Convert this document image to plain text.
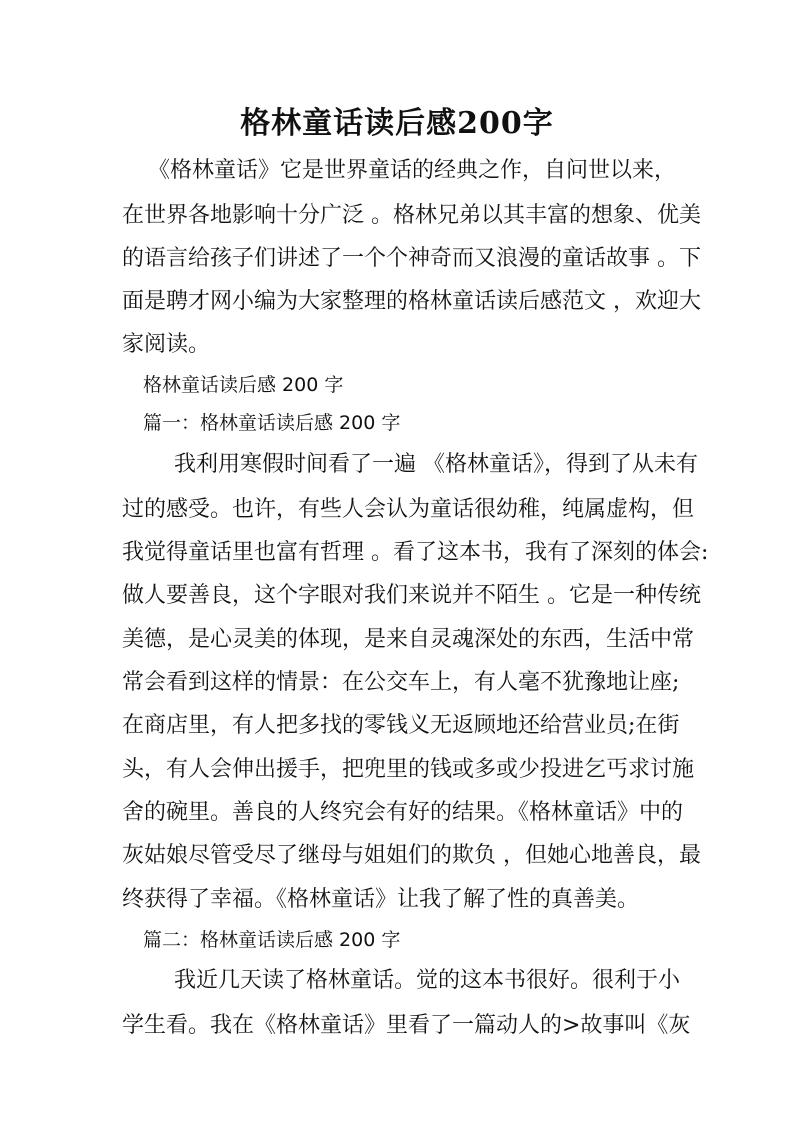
格林童话读后感200字
《格林童话》它是世界童话的经典之作，自问世以来，
在世界各地影响十分广泛 。格林兄弟以其丰富的想象、优美
的语言给孩子们讲述了一个个神奇而又浪漫的童话故事 。下
面是聘才网小编为大家整理的格林童话读后感范文 ，欢迎大
家阅读。
格林童话读后感 200 字
篇一：格林童话读后感 200 字
我利用寒假时间看了一遍 《格林童话》，得到了从未有
过的感受。也许，有些人会认为童话很幼稚，纯属虚构，但
我觉得童话里也富有哲理 。看了这本书，我有了深刻的体会:
做人要善良，这个字眼对我们来说并不陌生 。它是一种传统
美德，是心灵美的体现，是来自灵魂深处的东西，生活中常
常会看到这样的情景：在公交车上，有人毫不犹豫地让座;
在商店里，有人把多找的零钱义无返顾地还给营业员;在街
头，有人会伸出援手，把兜里的钱或多或少投进乞丐求讨施
舍的碗里。善良的人终究会有好的结果。《格林童话》中的
灰姑娘尽管受尽了继母与姐姐们的欺负 ，但她心地善良，最
终获得了幸福。《格林童话》让我了解了性的真善美。
篇二：格林童话读后感 200 字
我近几天读了格林童话。觉的这本书很好。很利于小
学生看。我在《格林童话》里看了一篇动人的>故事叫《灰
